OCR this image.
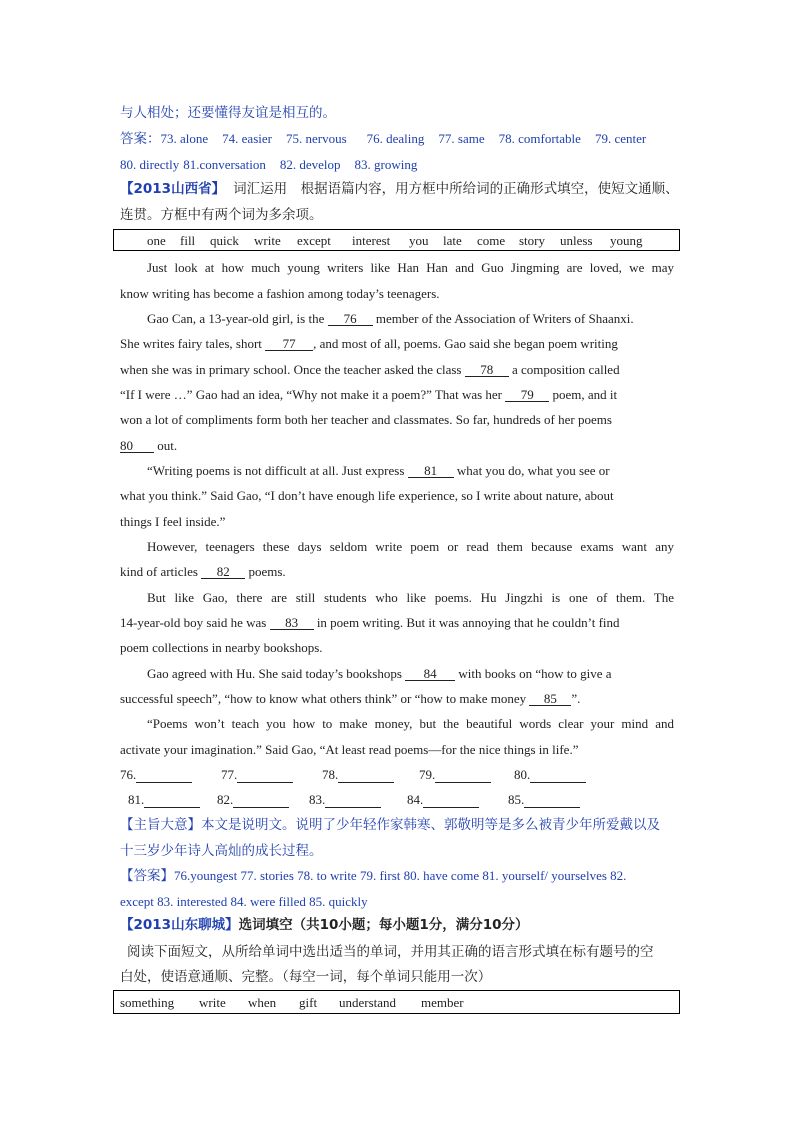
与人相处；还要懂得友谊是相互的。
答案：73. alone 74. easier 75. nervous 76. dealing 77. same 78. comfortable 79. center
80. directly 81.conversation 82. develop 83. growing
【2013山西省】 词汇运用　根据语篇内容，用方框中所给词的正确形式填空，使短文通顺、
连贯。方框中有两个词为多余项。
one	fill	quick	write	except	interest	you	late	come	story	unless	young
Just look at how much young writers like Han Han and Guo Jingming are loved, we may
know writing has become a fashion among today’s teenagers.
Gao Can, a 13-year-old girl, is the 76 member of the Association of Writers of Shaanxi.
She writes fairy tales, short 77 , and most of all, poems. Gao said she began poem writing
when she was in primary school. Once the teacher asked the class 78 a composition called
“If I were …” Gao had an idea, “Why not make it a poem?” That was her 79 poem, and it
won a lot of compliments form both her teacher and classmates. So far, hundreds of her poems
80 out.
“Writing poems is not difficult at all. Just express 81 what you do, what you see or
what you think.” Said Gao, “I don’t have enough life experience, so I write about nature, about
things I feel inside.”
However, teenagers these days seldom write poem or read them because exams want any
kind of articles 82 poems.
But like Gao, there are still students who like poems. Hu Jingzhi is one of them. The
14-year-old boy said he was 83 in poem writing. But it was annoying that he couldn’t find
poem collections in nearby bookshops.
Gao agreed with Hu. She said today’s bookshops 84 with books on “how to give a
successful speech”, “how to know what others think” or “how to make money 85 ”.
“Poems won’t teach you how to make money, but the beautiful words clear your mind and
activate your imagination.” Said Gao, “At least read poems—for the nice things in life.”
76.	77.	78.	79.	80.
81.	82.	83.	84.	85.
【主旨大意】本文是说明文。说明了少年轻作家韩寒、郭敬明等是多么被青少年所爱戴以及
十三岁少年诗人高灿的成长过程。
【答案】76.youngest 77. stories 78. to write 79. first 80. have come 81. yourself/ yourselves 82.
except 83. interested 84. were filled 85. quickly
【2013山东聊城】选词填空（共10小题；每小题1分，满分10分）
阅读下面短文，从所给单词中选出适当的单词，并用其正确的语言形式填在标有题号的空
白处，使语意通顺、完整。（每空一词，每个单词只能用一次）
something	write	when	gift	understand	member
